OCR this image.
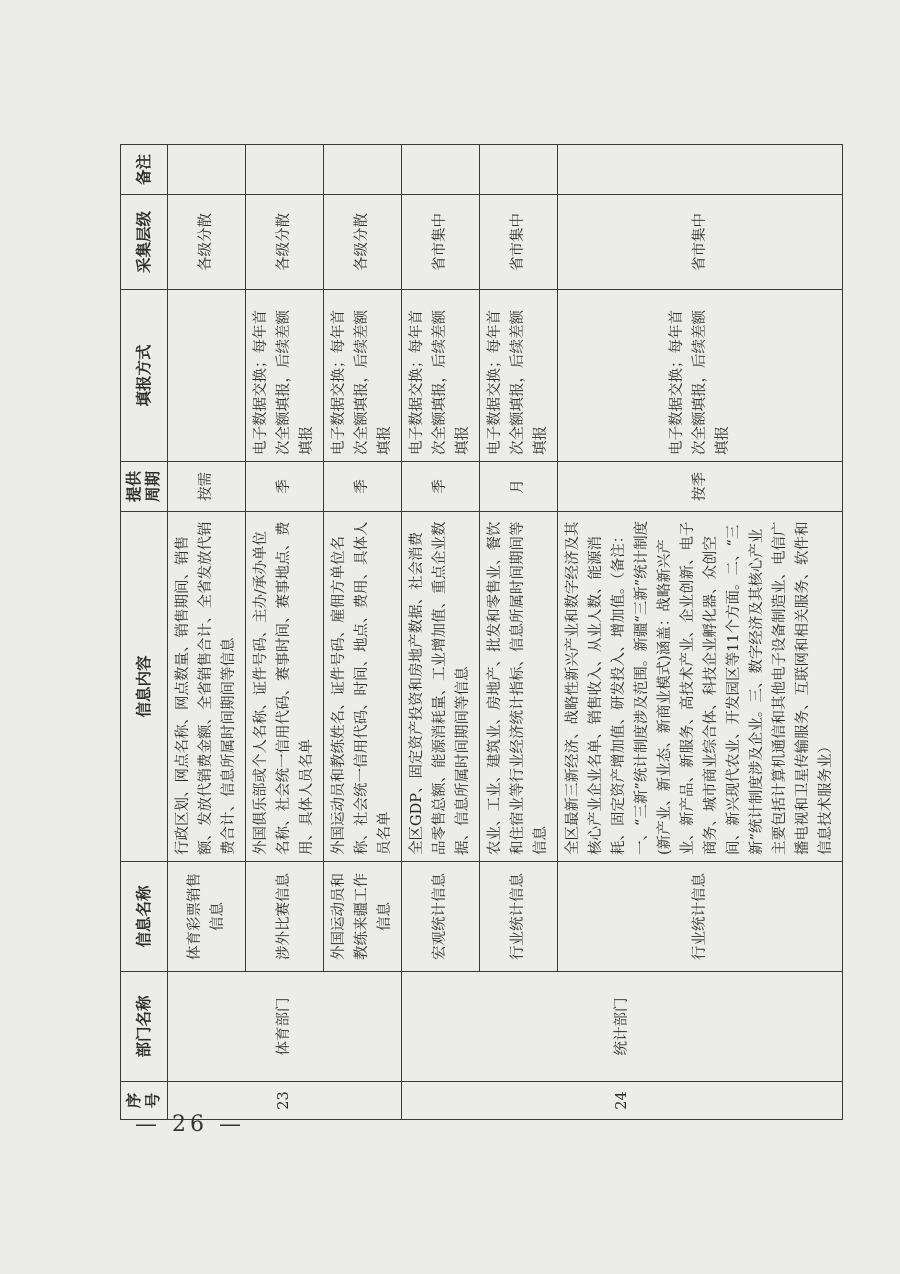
序号	部门名称	信息名称	信息内容	提供周期	填报方式	采集层级	备注
23	体育部门	体育彩票销售信息	行政区划、网点名称、网点数量、销售期间、销售额、发放代销费金额、全省销售合计、全省发放代销费合计、信息所属时间期间等信息	按需		各级分散	
		涉外比赛信息	外国俱乐部或个人名称、证件号码、主办/承办单位名称、社会统一信用代码、赛事时间、赛事地点、费用、具体人员名单	季	电子数据交换；每年首次全额填报，后续差额填报	各级分散	
		外国运动员和教练来疆工作信息	外国运动员和教练姓名、证件号码、雇佣方单位名称、社会统一信用代码、时间、地点、费用、具体人员名单	季	电子数据交换；每年首次全额填报，后续差额填报	各级分散	
24	统计部门	宏观统计信息	全区GDP、固定资产投资和房地产数据、社会消费品零售总额、能源消耗量、工业增加值、重点企业数据、信息所属时间期间等信息	季	电子数据交换；每年首次全额填报，后续差额填报	省市集中	
		行业统计信息	农业、工业、建筑业、房地产、批发和零售业、餐饮和住宿业等行业经济统计指标、信息所属时间期间等信息	月	电子数据交换；每年首次全额填报，后续差额填报	省市集中	
		行业统计信息	全区最新三新经济、战略性新兴产业和数字经济及其核心产业企业名单、销售收入、从业人数、能源消耗、固定资产增加值、研发投入、增加值。（备注：一、“三新”统计制度涉及范围。新疆“三新”统计制度(新产业、新业态、新商业模式)涵盖：战略新兴产业、新产品、新服务、高技术产业、企业创新、电子商务、城市商业综合体、科技企业孵化器、众创空间、新兴现代农业、开发园区等11个方面。二、“三新”统计制度涉及企业。三、数字经济及其核心产业主要包括计算机通信和其他电子设备制造业、电信广播电视和卫星传输服务、互联网和相关服务、软件和信息技术服务业）	按季	电子数据交换；每年首次全额填报，后续差额填报	省市集中	
— 26 —
